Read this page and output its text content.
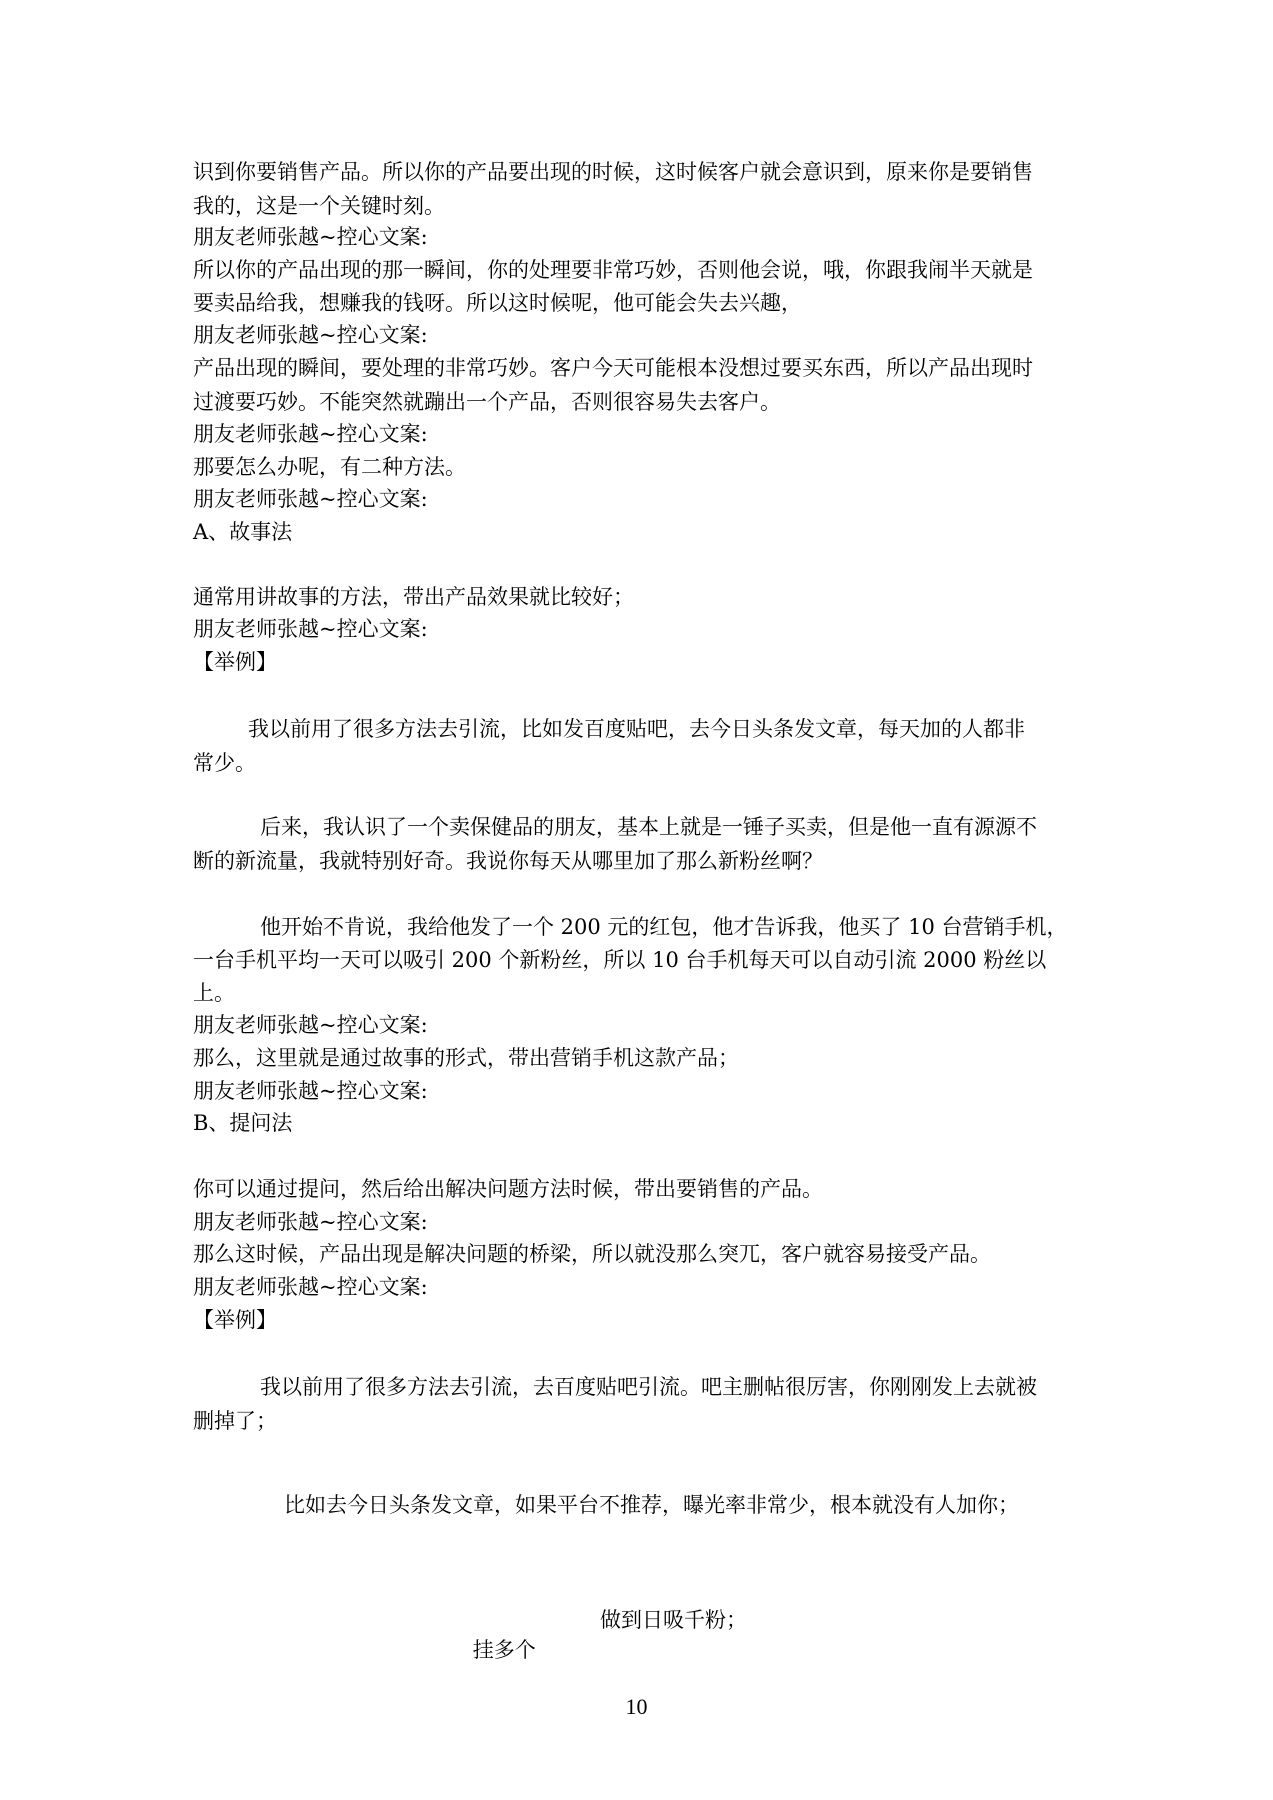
识到你要销售产品。所以你的产品要出现的时候，这时候客户就会意识到，原来你是要销售
我的，这是一个关键时刻。
朋友老师张越~控心文案:
所以你的产品出现的那一瞬间，你的处理要非常巧妙，否则他会说，哦，你跟我闹半天就是
要卖品给我，想赚我的钱呀。所以这时候呢，他可能会失去兴趣，
朋友老师张越~控心文案:
产品出现的瞬间，要处理的非常巧妙。客户今天可能根本没想过要买东西，所以产品出现时
过渡要巧妙。不能突然就蹦出一个产品，否则很容易失去客户。
朋友老师张越~控心文案:
那要怎么办呢，有二种方法。
朋友老师张越~控心文案:
A、故事法
通常用讲故事的方法，带出产品效果就比较好；
朋友老师张越~控心文案:
【举例】
我以前用了很多方法去引流，比如发百度贴吧，去今日头条发文章，每天加的人都非
常少。
后来，我认识了一个卖保健品的朋友，基本上就是一锤子买卖，但是他一直有源源不
断的新流量，我就特别好奇。我说你每天从哪里加了那么新粉丝啊？
他开始不肯说，我给他发了一个 200 元的红包，他才告诉我，他买了 10 台营销手机，
一台手机平均一天可以吸引 200 个新粉丝，所以 10 台手机每天可以自动引流 2000 粉丝以
上。
朋友老师张越~控心文案:
那么，这里就是通过故事的形式，带出营销手机这款产品；
朋友老师张越~控心文案:
B、提问法
你可以通过提问，然后给出解决问题方法时候，带出要销售的产品。
朋友老师张越~控心文案:
那么这时候，产品出现是解决问题的桥梁，所以就没那么突兀，客户就容易接受产品。
朋友老师张越~控心文案:
【举例】
我以前用了很多方法去引流，去百度贴吧引流。吧主删帖很厉害，你刚刚发上去就被
删掉了；
比如去今日头条发文章，如果平台不推荐，曝光率非常少，根本就没有人加你；

挂多个

做到日吸千粉；
10
